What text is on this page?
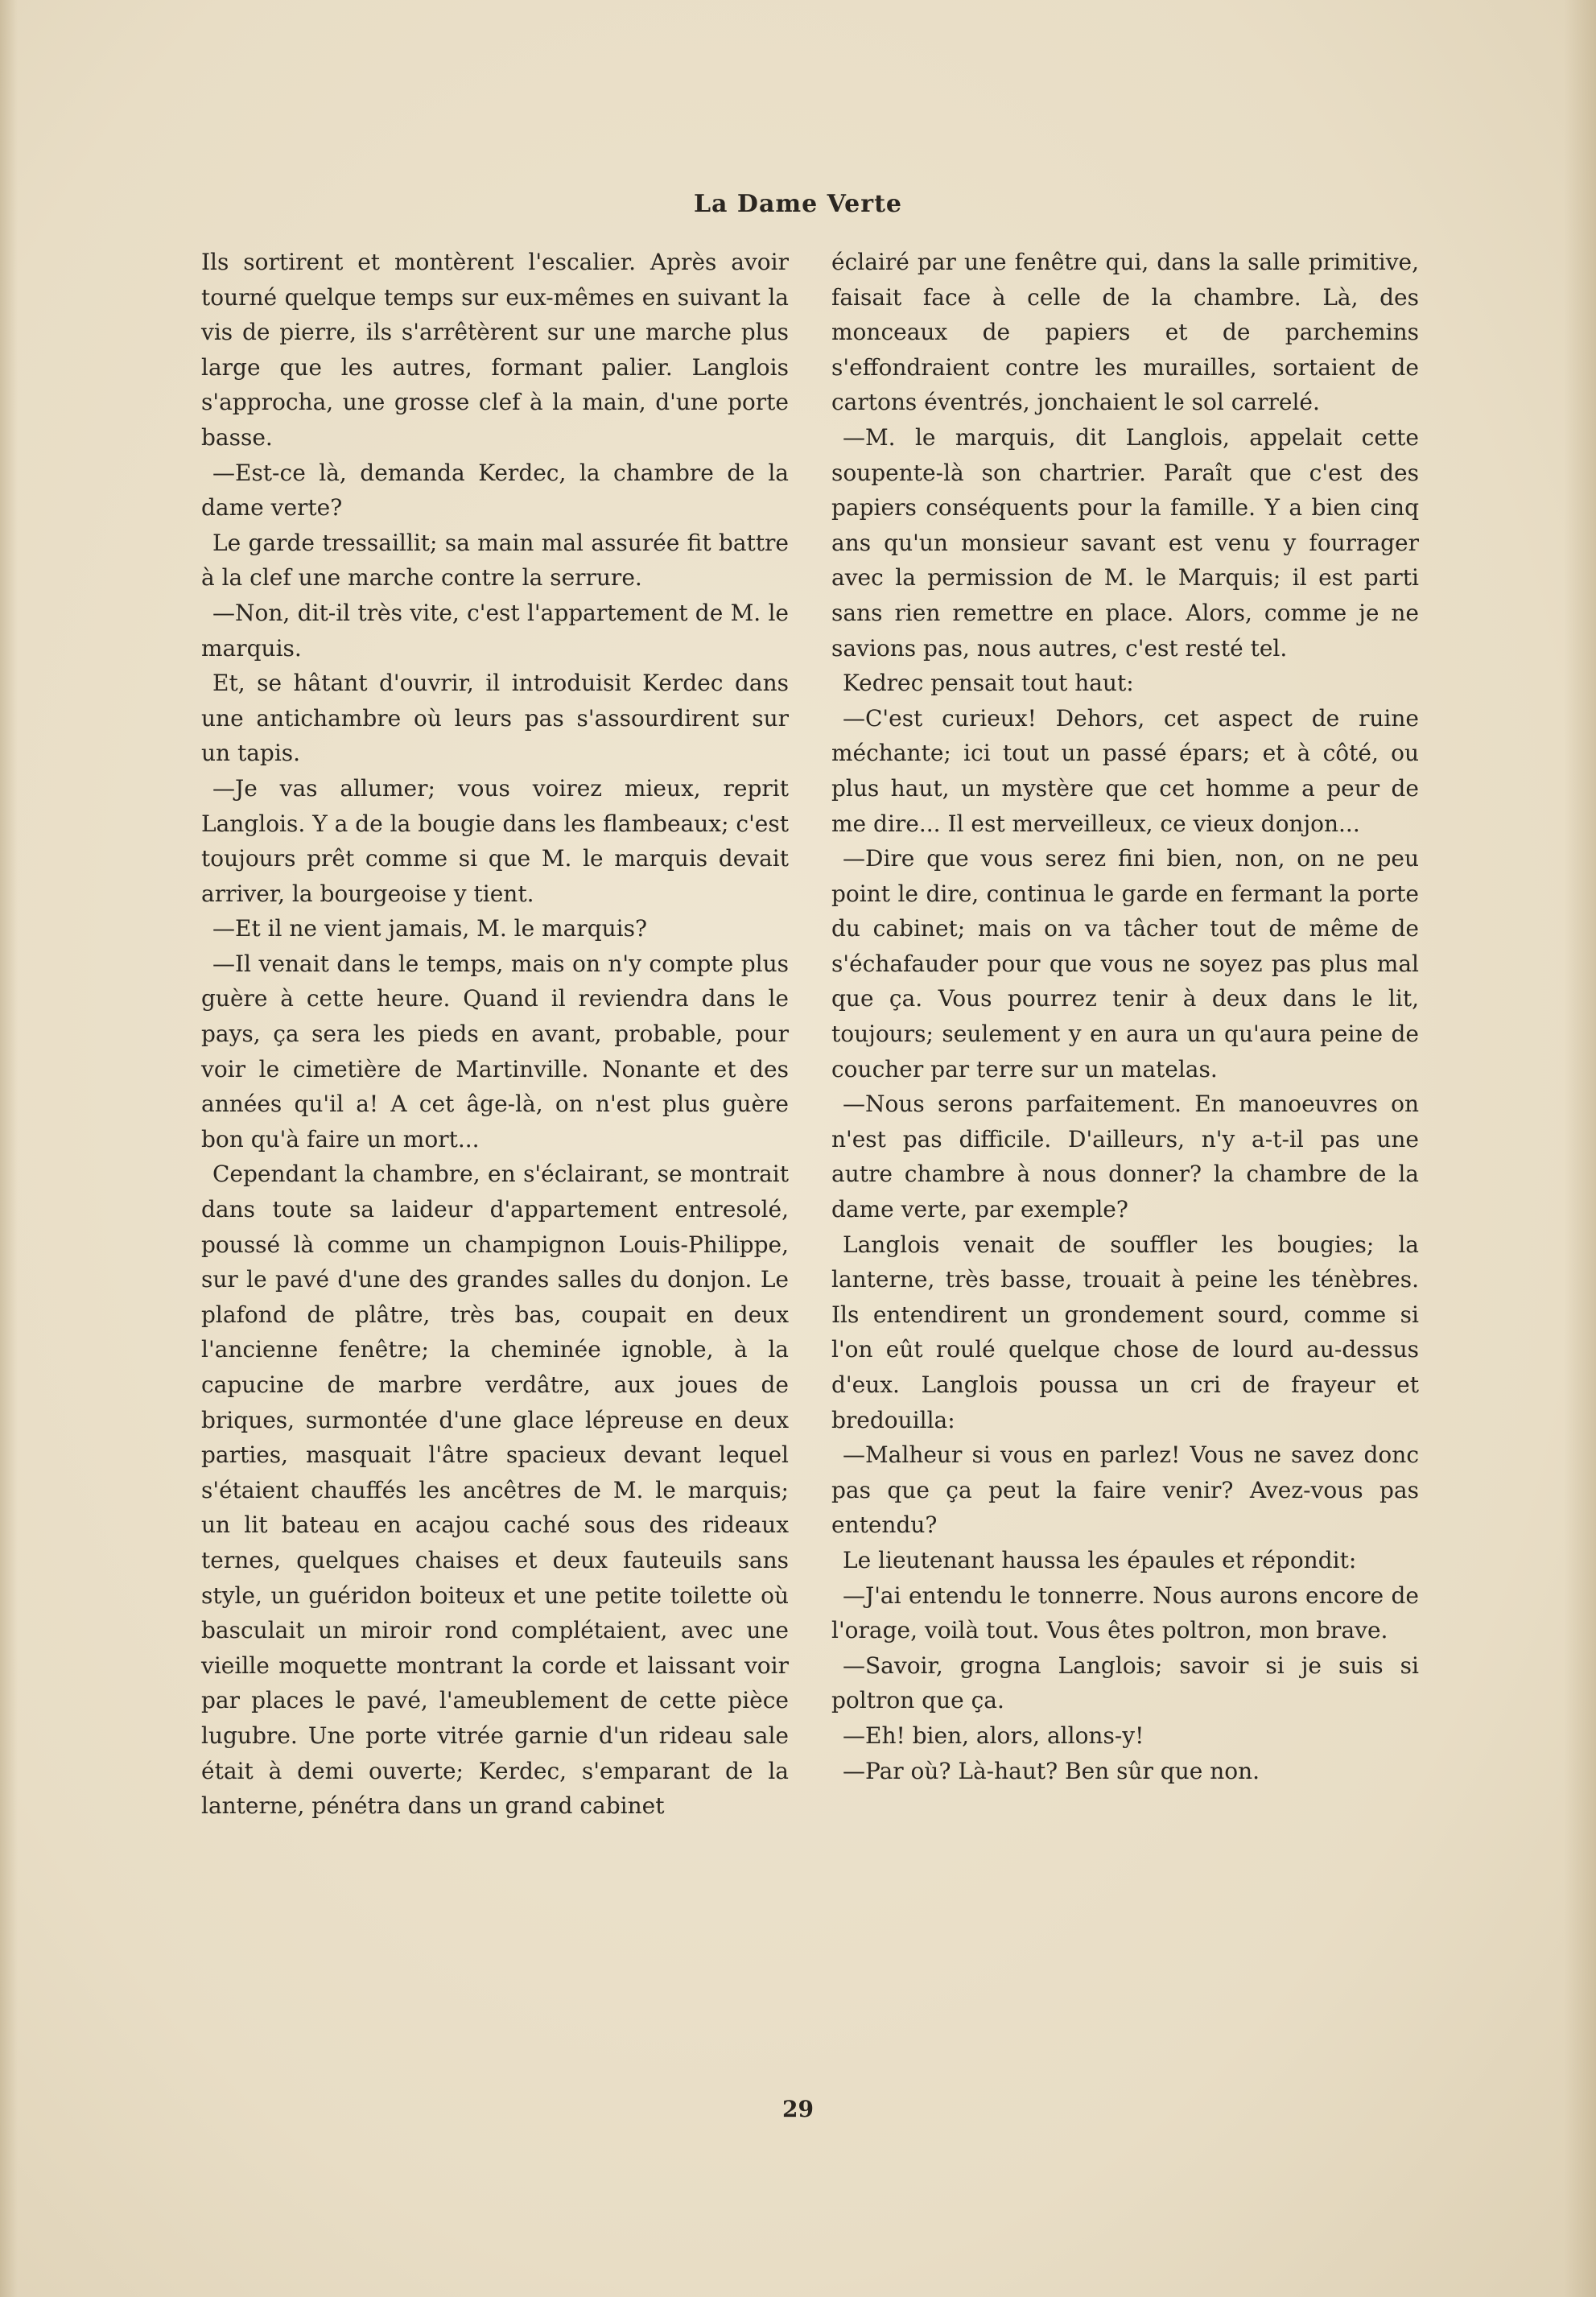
La Dame Verte

Ils sortirent et montèrent l'escalier. Après avoir tourné quelque temps sur eux-mêmes en suivant la vis de pierre, ils s'arrêtèrent sur une marche plus large que les autres, formant palier. Langlois s'approcha, une grosse clef à la main, d'une porte basse.

—Est-ce là, demanda Kerdec, la chambre de la dame verte?

Le garde tressaillit; sa main mal assurée fit battre à la clef une marche contre la serrure.

—Non, dit-il très vite, c'est l'appartement de M. le marquis.

Et, se hâtant d'ouvrir, il introduisit Kerdec dans une antichambre où leurs pas s'assourdirent sur un tapis.

—Je vas allumer; vous voirez mieux, reprit Langlois. Y a de la bougie dans les flambeaux; c'est toujours prêt comme si que M. le marquis devait arriver, la bourgeoise y tient.

—Et il ne vient jamais, M. le marquis?

—Il venait dans le temps, mais on n'y compte plus guère à cette heure. Quand il reviendra dans le pays, ça sera les pieds en avant, probable, pour voir le cimetière de Martinville. Nonante et des années qu'il a! A cet âge-là, on n'est plus guère bon qu'à faire un mort...

Cependant la chambre, en s'éclairant, se montrait dans toute sa laideur d'appartement entresolé, poussé là comme un champignon Louis-Philippe, sur le pavé d'une des grandes salles du donjon. Le plafond de plâtre, très bas, coupait en deux l'ancienne fenêtre; la cheminée ignoble, à la capucine de marbre verdâtre, aux joues de briques, surmontée d'une glace lépreuse en deux parties, masquait l'âtre spacieux devant lequel s'étaient chauffés les ancêtres de M. le marquis; un lit bateau en acajou caché sous des rideaux ternes, quelques chaises et deux fauteuils sans style, un guéridon boiteux et une petite toilette où basculait un miroir rond complétaient, avec une vieille moquette montrant la corde et laissant voir par places le pavé, l'ameublement de cette pièce lugubre. Une porte vitrée garnie d'un rideau sale était à demi ouverte; Kerdec, s'emparant de la lanterne, pénétra dans un grand cabinet

éclairé par une fenêtre qui, dans la salle primitive, faisait face à celle de la chambre. Là, des monceaux de papiers et de parchemins s'effondraient contre les murailles, sortaient de cartons éventrés, jonchaient le sol carrelé.

—M. le marquis, dit Langlois, appelait cette soupente-là son chartrier. Paraît que c'est des papiers conséquents pour la famille. Y a bien cinq ans qu'un monsieur savant est venu y fourrager avec la permission de M. le Marquis; il est parti sans rien remettre en place. Alors, comme je ne savions pas, nous autres, c'est resté tel.

Kedrec pensait tout haut:

—C'est curieux! Dehors, cet aspect de ruine méchante; ici tout un passé épars; et à côté, ou plus haut, un mystère que cet homme a peur de me dire... Il est merveilleux, ce vieux donjon...

—Dire que vous serez fini bien, non, on ne peu point le dire, continua le garde en fermant la porte du cabinet; mais on va tâcher tout de même de s'échafauder pour que vous ne soyez pas plus mal que ça. Vous pourrez tenir à deux dans le lit, toujours; seulement y en aura un qu'aura peine de coucher par terre sur un matelas.

—Nous serons parfaitement. En manoeuvres on n'est pas difficile. D'ailleurs, n'y a-t-il pas une autre chambre à nous donner? la chambre de la dame verte, par exemple?

Langlois venait de souffler les bougies; la lanterne, très basse, trouait à peine les ténèbres. Ils entendirent un grondement sourd, comme si l'on eût roulé quelque chose de lourd au-dessus d'eux. Langlois poussa un cri de frayeur et bredouilla:

—Malheur si vous en parlez! Vous ne savez donc pas que ça peut la faire venir? Avez-vous pas entendu?

Le lieutenant haussa les épaules et répondit:

—J'ai entendu le tonnerre. Nous aurons encore de l'orage, voilà tout. Vous êtes poltron, mon brave.

—Savoir, grogna Langlois; savoir si je suis si poltron que ça.

—Eh! bien, alors, allons-y!

—Par où? Là-haut? Ben sûr que non.

29
